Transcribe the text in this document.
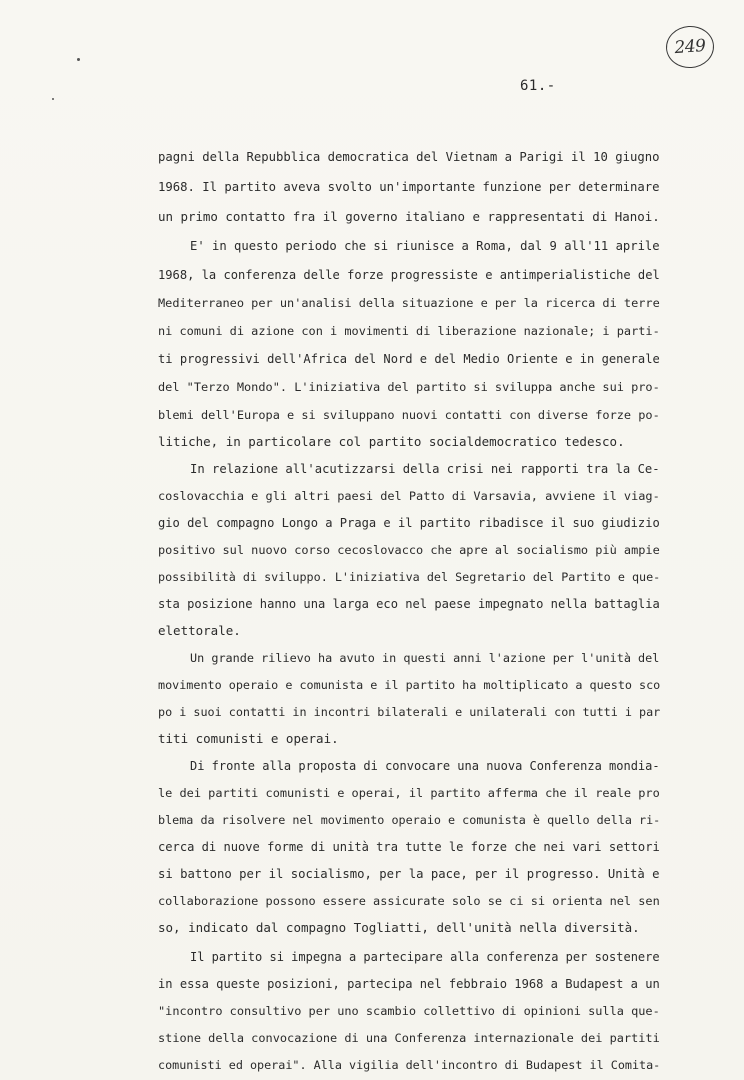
249
61.-
pagni della Repubblica democratica del Vietnam a Parigi il 10 giugno
1968. Il partito aveva svolto un'importante funzione per determinare
un primo contatto fra il governo italiano e rappresentati di Hanoi.
E' in questo periodo che si riunisce a Roma, dal 9 all'11 aprile
1968, la conferenza delle forze progressiste e antimperialistiche del
Mediterraneo per un'analisi della situazione e per la ricerca di terre
ni comuni di azione con i movimenti di liberazione nazionale; i parti-
ti progressivi dell'Africa del Nord e del Medio Oriente e in generale
del "Terzo Mondo". L'iniziativa del partito si sviluppa anche sui pro-
blemi dell'Europa e si sviluppano nuovi contatti con diverse forze po-
litiche, in particolare col partito socialdemocratico tedesco.
In relazione all'acutizzarsi della crisi nei rapporti tra la Ce-
coslovacchia e gli altri paesi del Patto di Varsavia, avviene il viag-
gio del compagno Longo a Praga e il partito ribadisce il suo giudizio
positivo sul nuovo corso cecoslovacco che apre al socialismo più ampie
possibilità di sviluppo. L'iniziativa del Segretario del Partito e que-
sta posizione hanno una larga eco nel paese impegnato nella battaglia
elettorale.
Un grande rilievo ha avuto in questi anni l'azione per l'unità del
movimento operaio e comunista e il partito ha moltiplicato a questo sco
po i suoi contatti in incontri bilaterali e unilaterali con tutti i par
titi comunisti e operai.
Di fronte alla proposta di convocare una nuova Conferenza mondia-
le dei partiti comunisti e operai, il partito afferma che il reale pro
blema da risolvere nel movimento operaio e comunista è quello della ri-
cerca di nuove forme di unità tra tutte le forze che nei vari settori
si battono per il socialismo, per la pace, per il progresso. Unità e
collaborazione possono essere assicurate solo se ci si orienta nel sen
so, indicato dal compagno Togliatti, dell'unità nella diversità.
Il partito si impegna a partecipare alla conferenza per sostenere
in essa queste posizioni, partecipa nel febbraio 1968 a Budapest a un
"incontro consultivo per uno scambio collettivo di opinioni sulla que-
stione della convocazione di una Conferenza internazionale dei partiti
comunisti ed operai". Alla vigilia dell'incontro di Budapest il Comita-
